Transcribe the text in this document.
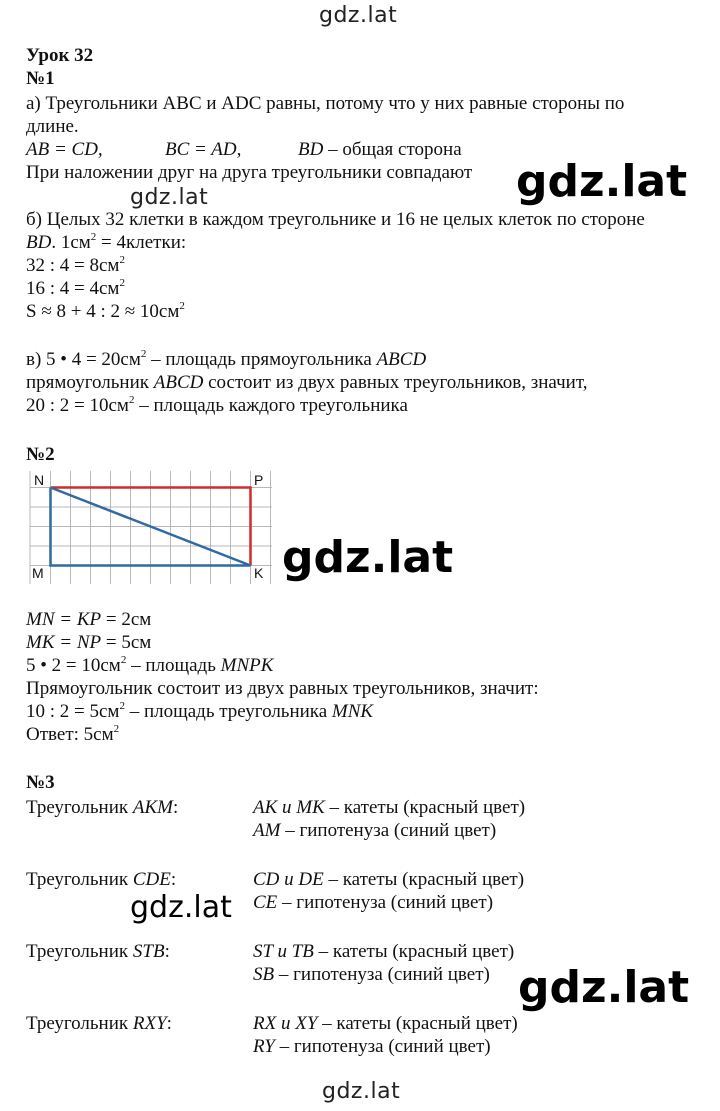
gdz.lat
Урок 32
№1
а) Треугольники ABC и ADC равны, потому что у них равные стороны по
длине.
AB = CD,	BC = AD,	BD – общая сторона
При наложении друг на друга треугольники совпадают gdz.lat
gdz.lat
б) Целых 32 клетки в каждом треугольнике и 16 не целых клеток по стороне
BD. $1см^2$ = 4клетки:
32 : $4 = 8см^2$
16 : $4 = 4см^2$
S ≈ 8 + 4 : $2 \approx 10см^2$
в) 5 • $4 = 20см^2$ – площадь прямоугольника ABCD
прямоугольник ABCD состоит из двух равных треугольников, значит,
20 : $2 = 10см^2$ – площадь каждого треугольника
№2
N	P
M	K gdz.lat
MN = KP = 2см
MK = NP = 5см
5 • $2 = 10см^2$ – площадь MNPK
Прямоугольник состоит из двух равных треугольников, значит:
10 : $2 = 5см^2$ – площадь треугольника MNK
Ответ: $5см^2$
№3
Треугольник AKM:	AK и MK – катеты (красный цвет)
AM – гипотенуза (синий цвет)
Треугольник CDE:	CD и DE – катеты (красный цвет)
CE – гипотенуза (синий цвет)
gdz.lat
Треугольник STB:	ST и TB – катеты (красный цвет)
SB – гипотенуза (синий цвет) gdz.lat
Треугольник RXY:	RX и XY – катеты (красный цвет)
RY – гипотенуза (синий цвет)
gdz.lat
